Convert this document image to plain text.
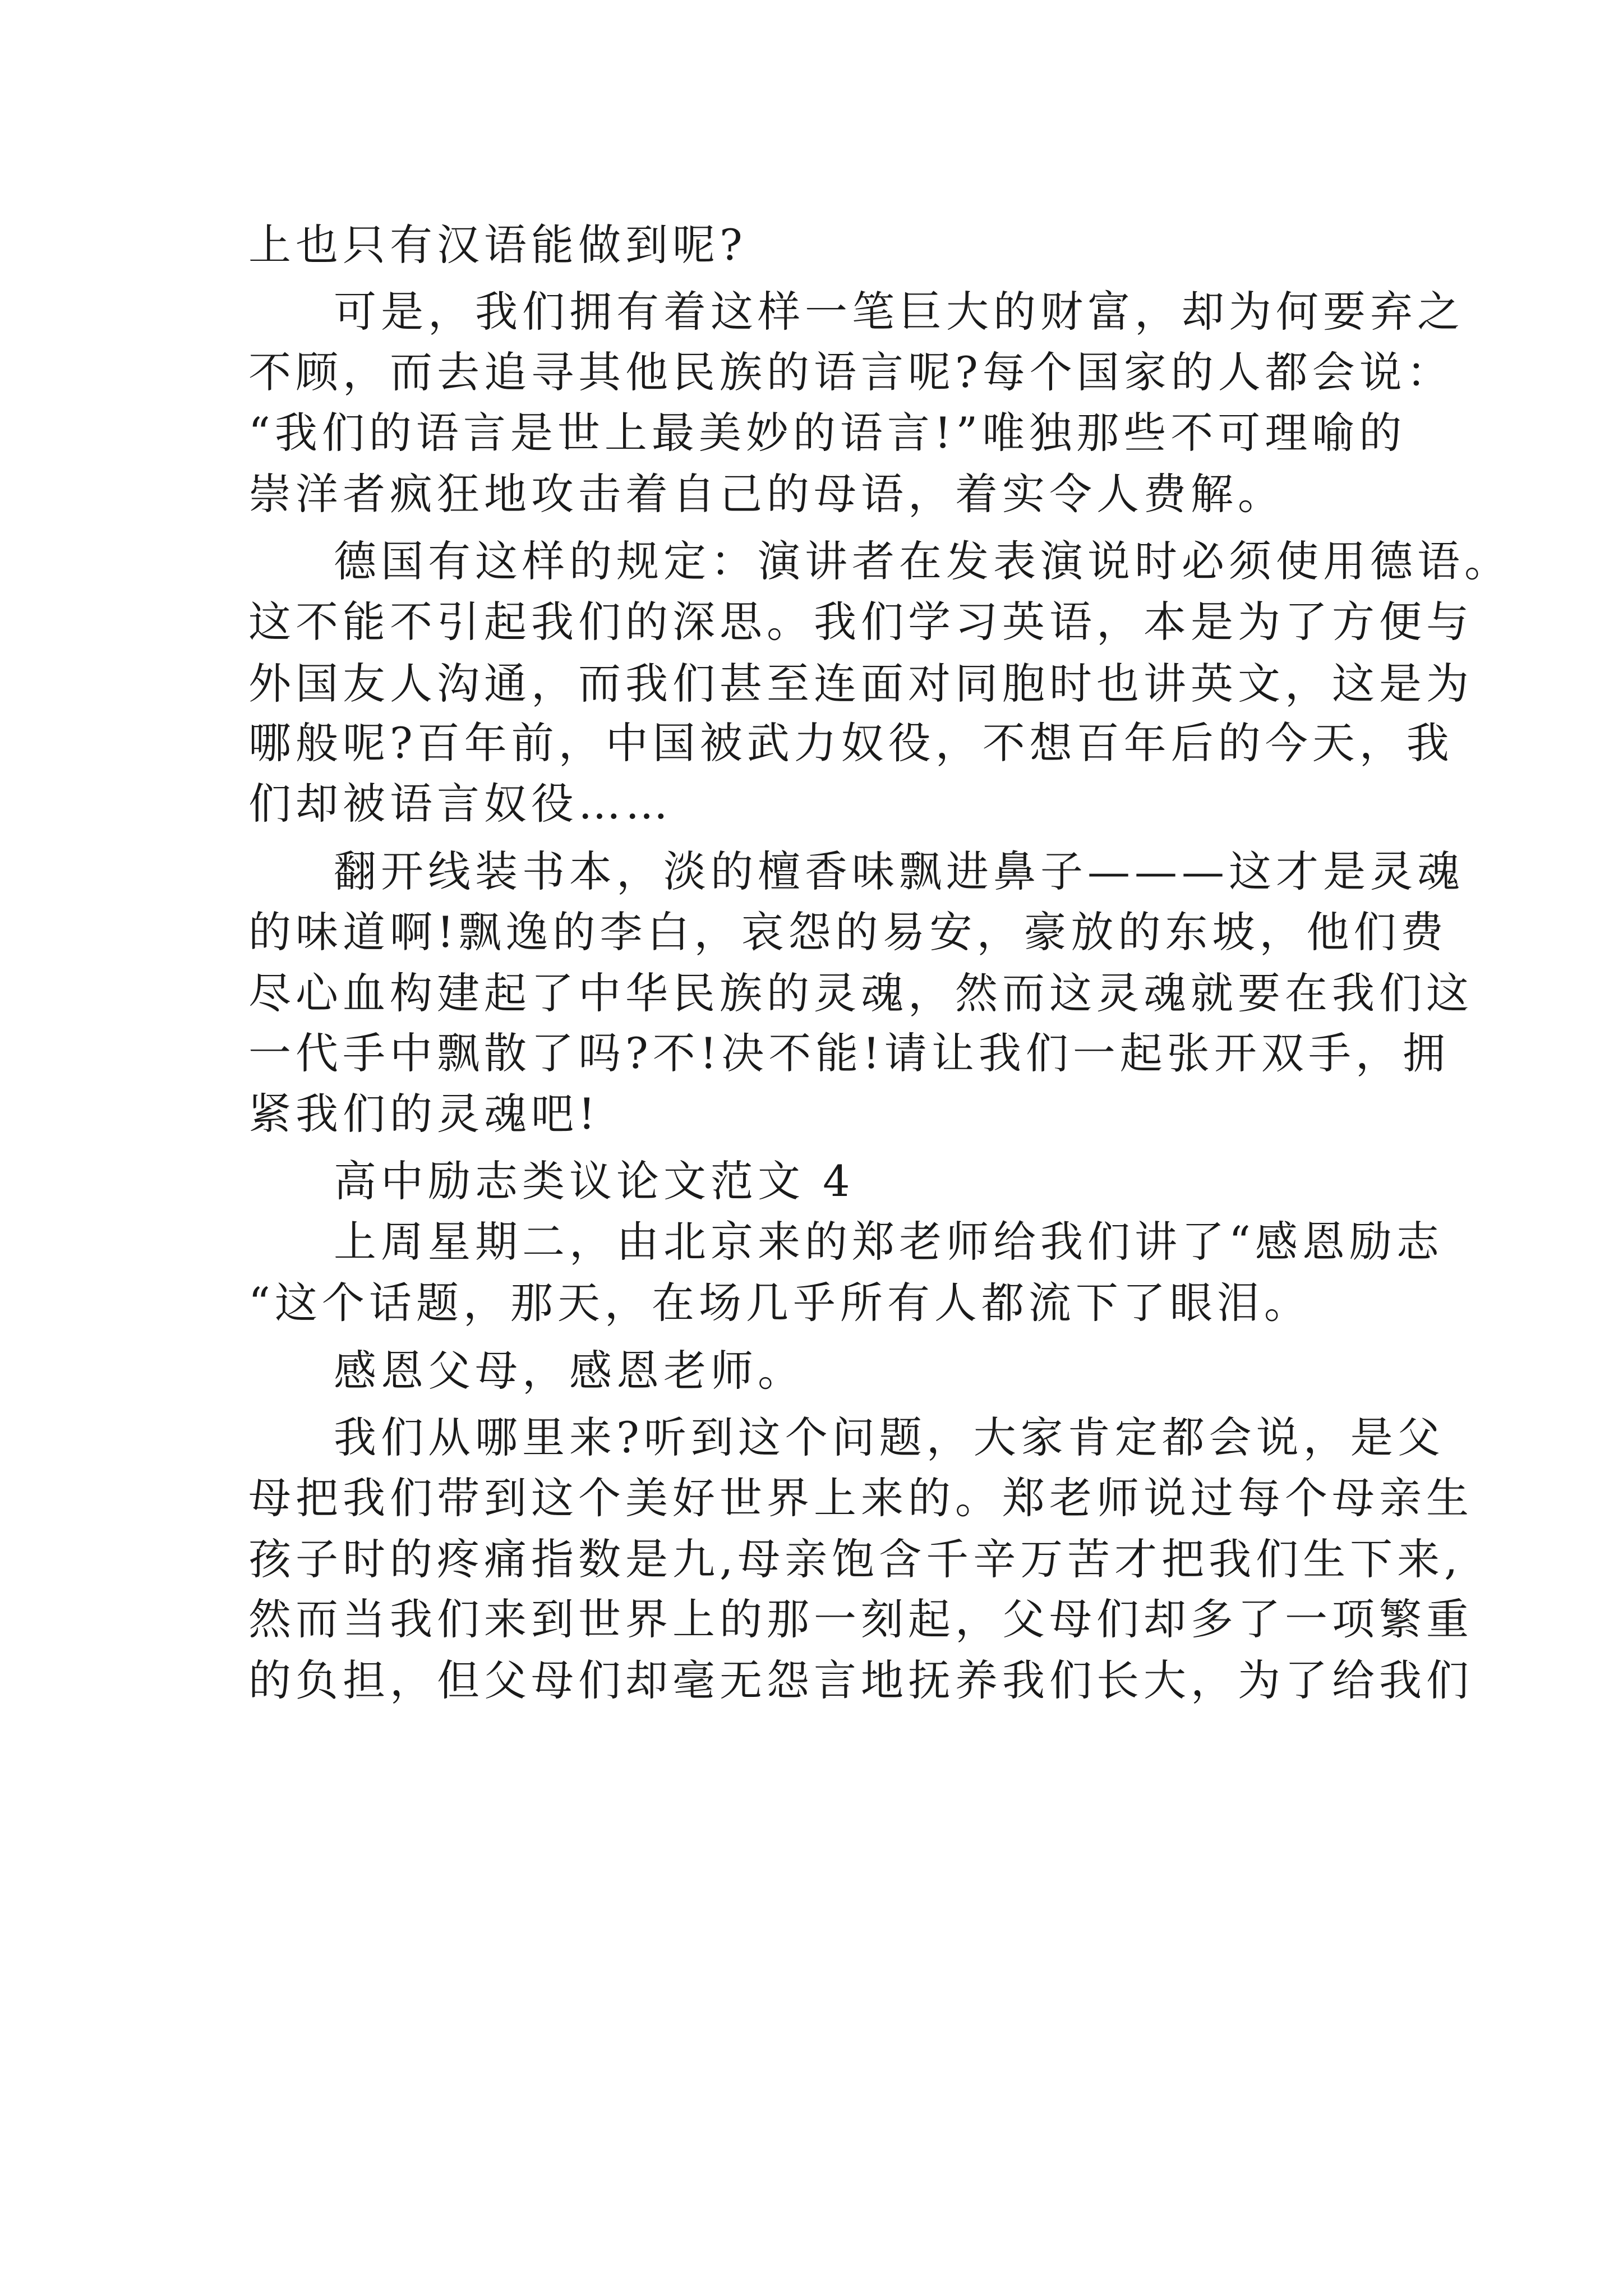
上也只有汉语能做到呢?
可是，我们拥有着这样一笔巨大的财富，却为何要弃之
不顾，而去追寻其他民族的语言呢?每个国家的人都会说：
“我们的语言是世上最美妙的语言!”唯独那些不可理喻的
崇洋者疯狂地攻击着自己的母语，着实令人费解。
德国有这样的规定：演讲者在发表演说时必须使用德语。
这不能不引起我们的深思。我们学习英语，本是为了方便与
外国友人沟通，而我们甚至连面对同胞时也讲英文，这是为
哪般呢?百年前，中国被武力奴役，不想百年后的今天，我
们却被语言奴役……
翻开线装书本，淡的檀香味飘进鼻子———这才是灵魂
的味道啊!飘逸的李白，哀怨的易安，豪放的东坡，他们费
尽心血构建起了中华民族的灵魂，然而这灵魂就要在我们这
一代手中飘散了吗?不!决不能!请让我们一起张开双手，拥
紧我们的灵魂吧!
高中励志类议论文范文 4
上周星期二，由北京来的郑老师给我们讲了“感恩励志
“这个话题，那天，在场几乎所有人都流下了眼泪。
感恩父母，感恩老师。
我们从哪里来?听到这个问题，大家肯定都会说，是父
母把我们带到这个美好世界上来的。郑老师说过每个母亲生
孩子时的疼痛指数是九,母亲饱含千辛万苦才把我们生下来,
然而当我们来到世界上的那一刻起，父母们却多了一项繁重
的负担，但父母们却毫无怨言地抚养我们长大，为了给我们
